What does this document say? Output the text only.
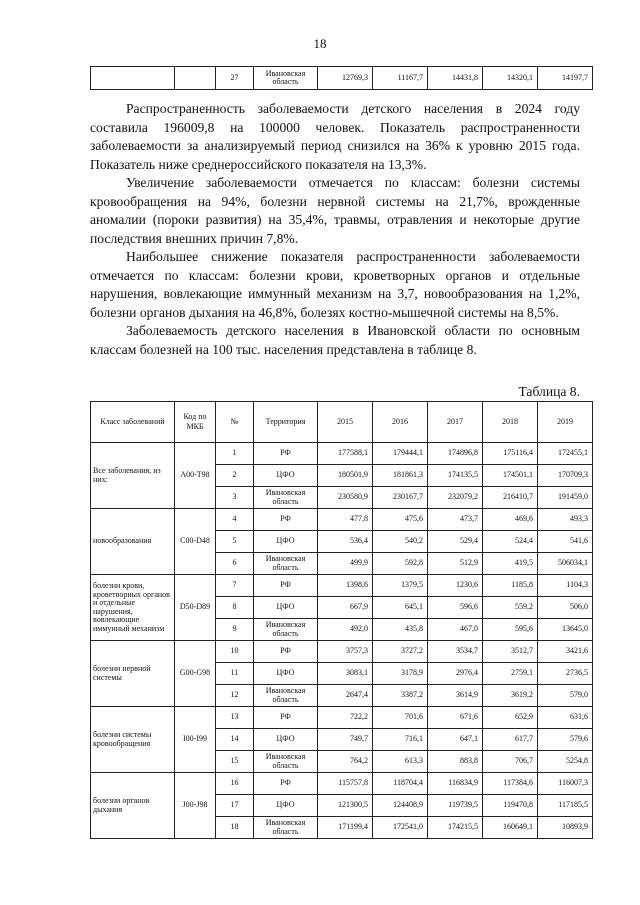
18
		27	Ивановская область	12769,3	11167,7	14431,8	14320,1	14197,7

Распространенность заболеваемости детского населения в 2024 году составила 196009,8 на 100000 человек. Показатель распространенности заболеваемости за анализируемый период снизился на 36% к уровню 2015 года. Показатель ниже среднероссийского показателя на 13,3%.

Увеличение заболеваемости отмечается по классам: болезни системы кровообращения на 94%, болезни нервной системы на 21,7%, врожденные аномалии (пороки развития) на 35,4%, травмы, отравления и некоторые другие последствия внешних причин 7,8%.

Наибольшее снижение показателя распространенности заболеваемости отмечается по классам: болезни крови, кроветворных органов и отдельные нарушения, вовлекающие иммунный механизм на 3,7, новообразования на 1,2%, болезни органов дыхания на 46,8%, болезях костно-мышечной системы на 8,5%.

Заболеваемость детского населения в Ивановской области по основным классам болезней на 100 тыс. населения представлена в таблице 8.

Таблица 8.
Класс заболеваний	Код по МКБ	№	Территория	2015	2016	2017	2018	2019
Все заболевания, из них:	A00-T98	1	РФ	177588,1	179444,1	174896,8	175116,4	172455,1
		2	ЦФО	180501,9	181861,3	174135,5	174501,1	170709,3
		3	Ивановская область	230580,9	230167,7	232079,2	216410,7	191459,0
новообразования	C00-D48	4	РФ	477,8	475,6	473,7	469,6	493,3
		5	ЦФО	536,4	540,2	529,4	524,4	541,6
		6	Ивановская область	499,9	592,8	512,9	419,5	506034,1
болезни крови, кроветворных органов и отдельные нарушения, вовлекающие иммунный механизм	D50-D89	7	РФ	1398,6	1379,5	1230,6	1185,8	1104,3
		8	ЦФО	667,9	645,1	596,6	559,2	506,0
		9	Ивановская область	492,0	435,8	467,0	595,6	13645,0
болезни нервной системы	G00-G98	10	РФ	3757,3	3727,2	3534,7	3512,7	3421,6
		11	ЦФО	3083,1	3178,9	2976,4	2759,1	2736,5
		12	Ивановская область	2647,4	3387,2	3614,9	3619,2	579,0
болезни системы кровообращения	I00-I99	13	РФ	722,2	701,6	671,6	652,9	631,6
		14	ЦФО	749,7	716,1	647,1	617,7	579,6
		15	Ивановская область	764,2	613,3	883,8	706,7	5254,8
болезни органов дыхания	J00-J98	16	РФ	115757,8	118704,4	116834,9	117384,6	116007,3
		17	ЦФО	121300,5	124408,9	119739,5	119470,8	117185,5
		18	Ивановская область	171199,4	172541,0	174215,5	160649,1	10893,9
